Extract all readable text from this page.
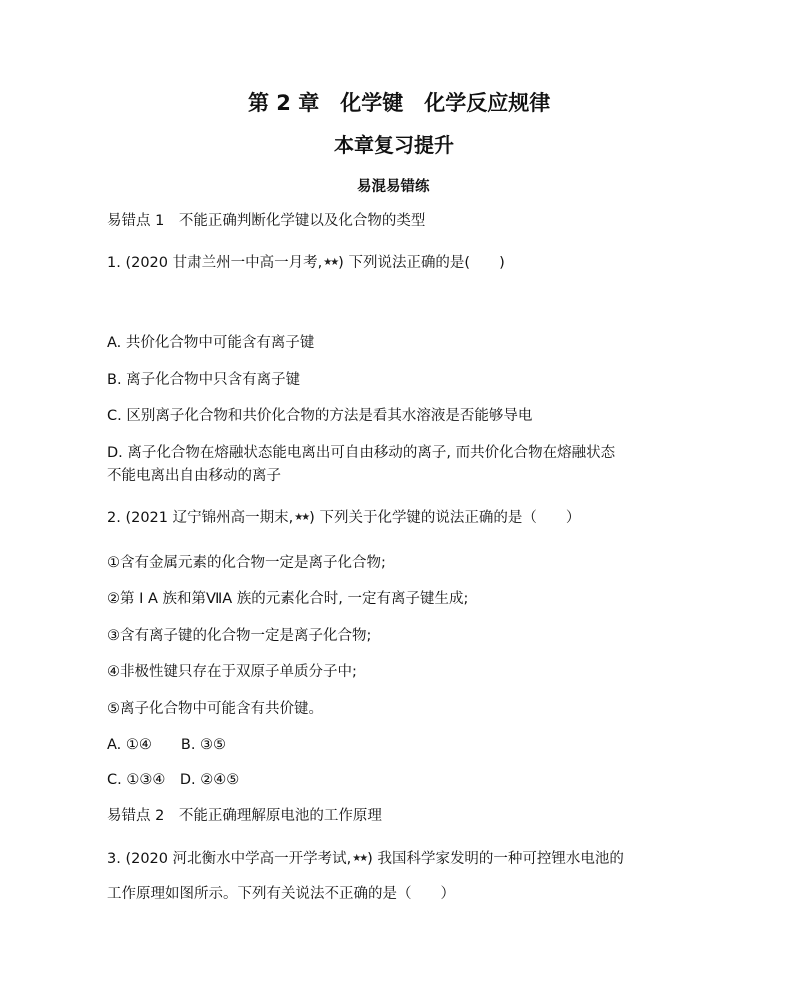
第 2 章　化学键　化学反应规律
本章复习提升
易混易错练
易错点 1　不能正确判断化学键以及化合物的类型
1. (2020 甘肃兰州一中高一月考,★★) 下列说法正确的是(　　)
A. 共价化合物中可能含有离子键
B. 离子化合物中只含有离子键
C. 区别离子化合物和共价化合物的方法是看其水溶液是否能够导电
D. 离子化合物在熔融状态能电离出可自由移动的离子, 而共价化合物在熔融状态
不能电离出自由移动的离子
2. (2021 辽宁锦州高一期末,★★) 下列关于化学键的说法正确的是（　　）
①含有金属元素的化合物一定是离子化合物;
②第 Ⅰ A 族和第ⅦA 族的元素化合时, 一定有离子键生成;
③含有离子键的化合物一定是离子化合物;
④非极性键只存在于双原子单质分子中;
⑤离子化合物中可能含有共价键。
A. ①④　　B. ③⑤
C. ①③④　D. ②④⑤
易错点 2　不能正确理解原电池的工作原理
3. (2020 河北衡水中学高一开学考试,★★) 我国科学家发明的一种可控锂水电池的
工作原理如图所示。下列有关说法不正确的是（　　）
